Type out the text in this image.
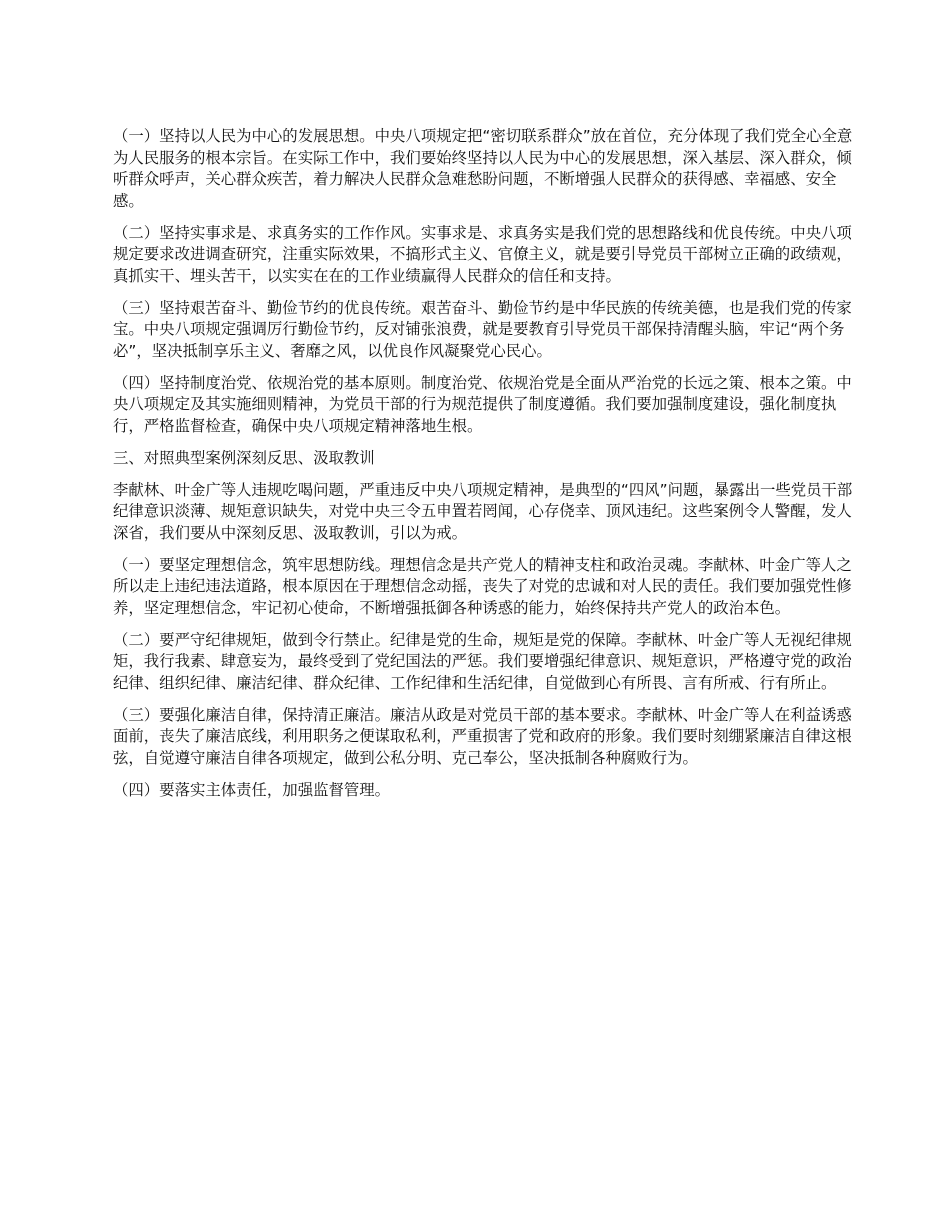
（一）坚持以人民为中心的发展思想。中央八项规定把“密切联系群众”放在首位，充分体现了我们党全心全意为人民服务的根本宗旨。在实际工作中，我们要始终坚持以人民为中心的发展思想，深入基层、深入群众，倾听群众呼声，关心群众疾苦，着力解决人民群众急难愁盼问题，不断增强人民群众的获得感、幸福感、安全感。

（二）坚持实事求是、求真务实的工作作风。实事求是、求真务实是我们党的思想路线和优良传统。中央八项规定要求改进调查研究，注重实际效果，不搞形式主义、官僚主义，就是要引导党员干部树立正确的政绩观，真抓实干、埋头苦干，以实实在在的工作业绩赢得人民群众的信任和支持。

（三）坚持艰苦奋斗、勤俭节约的优良传统。艰苦奋斗、勤俭节约是中华民族的传统美德，也是我们党的传家宝。中央八项规定强调厉行勤俭节约，反对铺张浪费，就是要教育引导党员干部保持清醒头脑，牢记“两个务必”，坚决抵制享乐主义、奢靡之风，以优良作风凝聚党心民心。

（四）坚持制度治党、依规治党的基本原则。制度治党、依规治党是全面从严治党的长远之策、根本之策。中央八项规定及其实施细则精神，为党员干部的行为规范提供了制度遵循。我们要加强制度建设，强化制度执行，严格监督检查，确保中央八项规定精神落地生根。

三、对照典型案例深刻反思、汲取教训

李献林、叶金广等人违规吃喝问题，严重违反中央八项规定精神，是典型的“四风”问题，暴露出一些党员干部纪律意识淡薄、规矩意识缺失，对党中央三令五申置若罔闻，心存侥幸、顶风违纪。这些案例令人警醒，发人深省，我们要从中深刻反思、汲取教训，引以为戒。

（一）要坚定理想信念，筑牢思想防线。理想信念是共产党人的精神支柱和政治灵魂。李献林、叶金广等人之所以走上违纪违法道路，根本原因在于理想信念动摇，丧失了对党的忠诚和对人民的责任。我们要加强党性修养，坚定理想信念，牢记初心使命，不断增强抵御各种诱惑的能力，始终保持共产党人的政治本色。

（二）要严守纪律规矩，做到令行禁止。纪律是党的生命，规矩是党的保障。李献林、叶金广等人无视纪律规矩，我行我素、肆意妄为，最终受到了党纪国法的严惩。我们要增强纪律意识、规矩意识，严格遵守党的政治纪律、组织纪律、廉洁纪律、群众纪律、工作纪律和生活纪律，自觉做到心有所畏、言有所戒、行有所止。

（三）要强化廉洁自律，保持清正廉洁。廉洁从政是对党员干部的基本要求。李献林、叶金广等人在利益诱惑面前，丧失了廉洁底线，利用职务之便谋取私利，严重损害了党和政府的形象。我们要时刻绷紧廉洁自律这根弦，自觉遵守廉洁自律各项规定，做到公私分明、克己奉公，坚决抵制各种腐败行为。

（四）要落实主体责任，加强监督管理。
